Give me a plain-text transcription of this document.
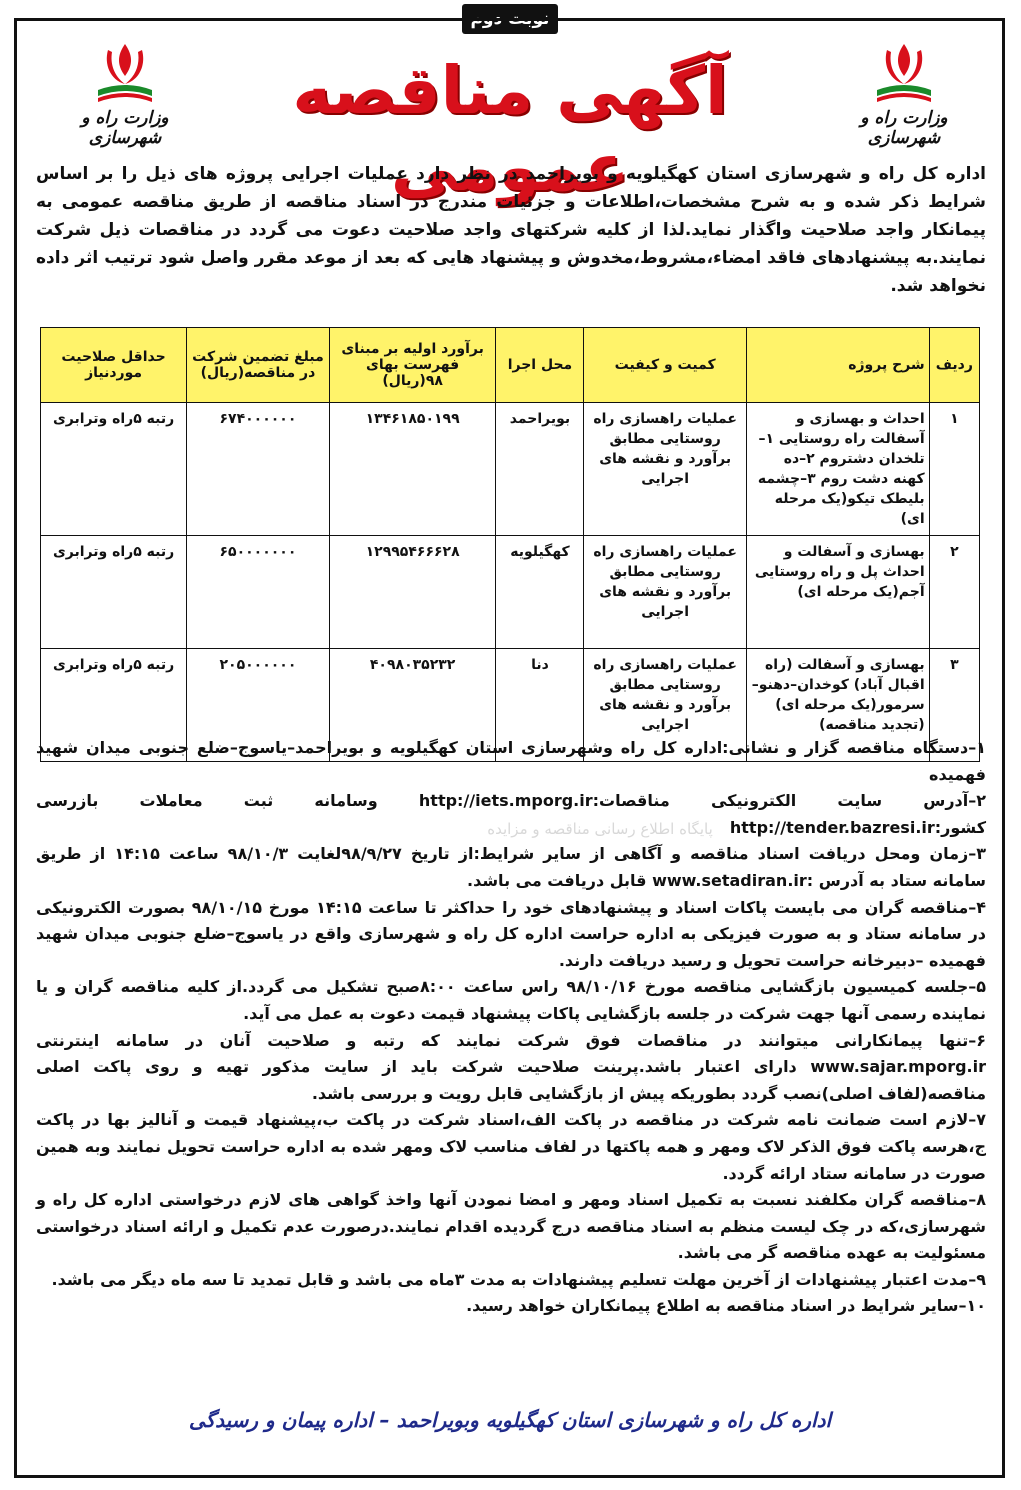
نوبت دوم
وزارت راه و شهرسازی
وزارت راه و شهرسازی
آگهی مناقصه عمومی
اداره کل راه و شهرسازی استان کهگیلویه و بویراحمد در نظر دارد عملیات اجرایی پروژه های ذیل را بر اساس شرایط ذکر شده و به شرح مشخصات،اطلاعات و جزئیات مندرج در اسناد مناقصه از طریق مناقصه عمومی به پیمانکار واجد صلاحیت واگذار نماید.لذا از کلیه شرکتهای واجد صلاحیت دعوت می گردد در مناقصات ذیل شرکت نمایند.به پیشنهادهای فاقد امضاء،مشروط،مخدوش و پیشنهاد هایی که بعد از موعد مقرر واصل شود ترتیب اثر داده نخواهد شد.
ردیف	شرح پروژه	کمیت و کیفیت	محل اجرا	برآورد اولیه بر مبنای فهرست بهای ۹۸(ریال)	مبلغ تضمین شرکت در مناقصه(ریال)	حداقل صلاحیت موردنیاز
۱	احداث و بهسازی و آسفالت راه روستایی ۱–تلخدان دشتروم ۲–ده کهنه دشت روم ۳–چشمه بلیطک تیکو(یک مرحله ای)	عملیات راهسازی راه روستایی مطابق برآورد و نقشه های اجرایی	بویراحمد	۱۳۴۶۱۸۵۰۱۹۹	۶۷۴۰۰۰۰۰۰	رتبه ۵راه وترابری
۲	بهسازی و آسفالت و احداث پل و راه روستایی آجم(یک مرحله ای)	عملیات راهسازی راه روستایی مطابق برآورد و نقشه های اجرایی	کهگیلویه	۱۲۹۹۵۴۶۶۶۲۸	۶۵۰۰۰۰۰۰۰	رتبه ۵راه وترابری
۳	بهسازی و آسفالت (راه اقبال آباد) کوخدان–دهنو–سرمور(یک مرحله ای)(تجدید مناقصه)	عملیات راهسازی راه روستایی مطابق برآورد و نقشه های اجرایی	دنا	۴۰۹۸۰۳۵۲۳۲	۲۰۵۰۰۰۰۰۰	رتبه ۵راه وترابری
پایگاه اطلاع رسانی مناقصه و مزایده

۱–دستگاه مناقصه گزار و نشانی:اداره کل راه وشهرسازی استان کهگیلویه و بویراحمد–یاسوج–ضلع جنوبی میدان شهید فهمیده

۲–آدرس سایت الکترونیکی مناقصات:http://iets.mporg.ir وسامانه ثبت معاملات بازرسی کشور:http://tender.bazresi.ir

۳–زمان ومحل دریافت اسناد مناقصه و آگاهی از سایر شرایط:از تاریخ ۹۸/۹/۲۷لغایت ۹۸/۱۰/۳ ساعت ۱۴:۱۵ از طریق سامانه ستاد به آدرس :www.setadiran.ir قابل دریافت می باشد.

۴–مناقصه گران می بایست پاکات اسناد و پیشنهادهای خود را حداکثر تا ساعت ۱۴:۱۵ مورخ ۹۸/۱۰/۱۵ بصورت الکترونیکی در سامانه ستاد و به صورت فیزیکی به اداره حراست اداره کل راه و شهرسازی واقع در یاسوج–ضلع جنوبی میدان شهید فهمیده –دبیرخانه حراست تحویل و رسید دریافت دارند.

۵–جلسه کمیسیون بازگشایی مناقصه مورخ ۹۸/۱۰/۱۶ راس ساعت ۸:۰۰صبح تشکیل می گردد.از کلیه مناقصه گران و یا نماینده رسمی آنها جهت شرکت در جلسه بازگشایی پاکات پیشنهاد قیمت دعوت به عمل می آید.

۶–تنها پیمانکارانی میتوانند در مناقصات فوق شرکت نمایند که رتبه و صلاحیت آنان در سامانه اینترنتی www.sajar.mporg.ir دارای اعتبار باشد.پرینت صلاحیت شرکت باید از سایت مذکور تهیه و روی پاکت اصلی مناقصه(لفاف اصلی)نصب گردد بطوریکه پیش از بازگشایی قابل رویت و بررسی باشد.

۷–لازم است ضمانت نامه شرکت در مناقصه در پاکت الف،اسناد شرکت در پاکت ب،پیشنهاد قیمت و آنالیز بها در پاکت ج،هرسه پاکت فوق الذکر لاک ومهر و همه پاکتها در لفاف مناسب لاک ومهر شده به اداره حراست تحویل نمایند وبه همین صورت در سامانه ستاد ارائه گردد.

۸–مناقصه گران مکلفند نسبت به تکمیل اسناد ومهر و امضا نمودن آنها واخذ گواهی های لازم درخواستی اداره کل راه و شهرسازی،که در چک لیست منظم به اسناد مناقصه درج گردیده اقدام نمایند.درصورت عدم تکمیل و ارائه اسناد درخواستی مسئولیت به عهده مناقصه گر می باشد.

۹–مدت اعتبار پیشنهادات از آخرین مهلت تسلیم پیشنهادات به مدت ۳ماه می باشد و قابل تمدید تا سه ماه دیگر می باشد.

۱۰–سایر شرایط در اسناد مناقصه به اطلاع پیمانکاران خواهد رسید.

اداره کل راه و شهرسازی استان کهگیلویه وبویراحمد – اداره پیمان و رسیدگی
